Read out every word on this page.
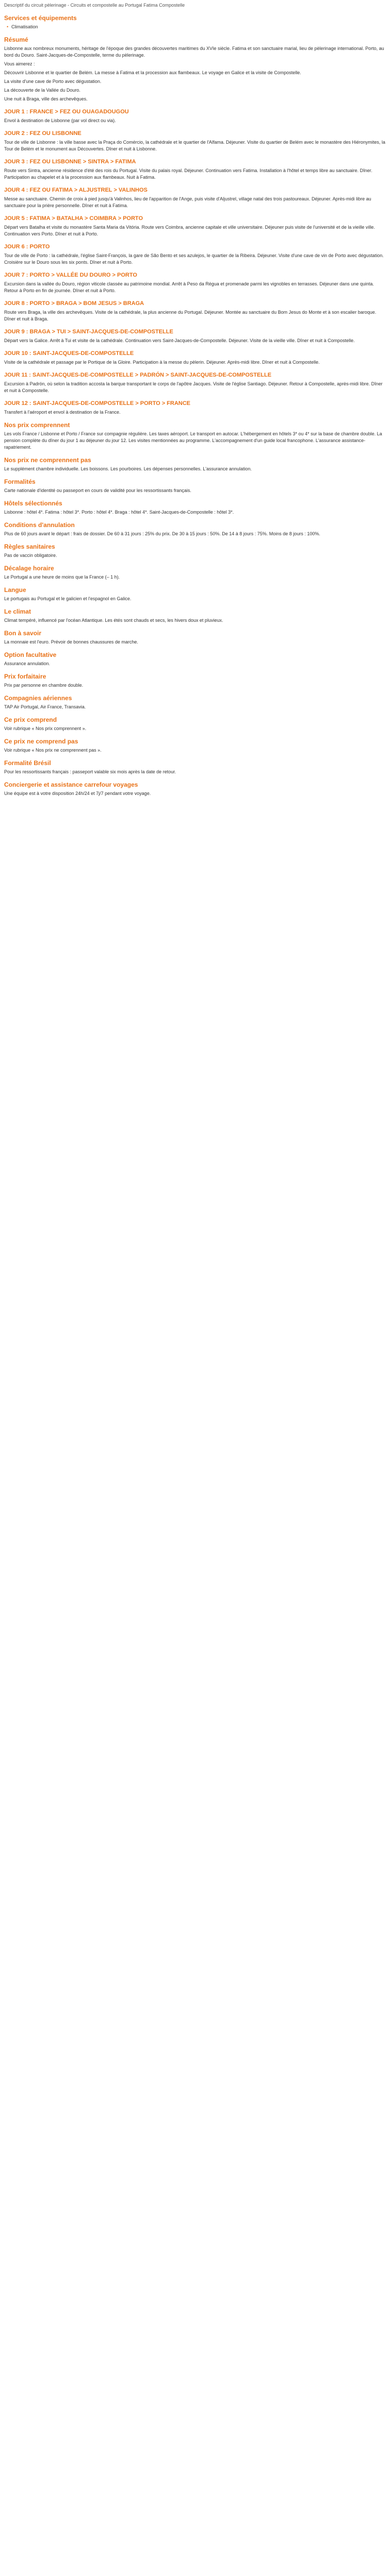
Descriptif du circuit pèlerinage - Circuits et compostelle au Portugal Fatima Compostelle
Services et équipements
• Climatisation
Résumé

Lisbonne aux nombreux monuments, héritage de l'époque des grandes découvertes maritimes du XVIe siècle. Fatima et son sanctuaire marial, lieu de pèlerinage international. Porto, au bord du Douro. Saint-Jacques-de-Compostelle, terme du pèlerinage.

Vous aimerez :

Découvrir Lisbonne et le quartier de Belém. La messe à Fatima et la procession aux flambeaux. Le voyage en Galice et la visite de Compostelle.

La visite d'une cave de Porto avec dégustation.

La découverte de la Vallée du Douro.

Une nuit à Braga, ville des archevêques.

JOUR 1 : FRANCE > FEZ OU OUAGADOUGOU

Envol à destination de Lisbonne (par vol direct ou via).

JOUR 2 : FEZ OU LISBONNE

Tour de ville de Lisbonne : la ville basse avec la Praça do Comércio, la cathédrale et le quartier de l'Alfama. Déjeuner. Visite du quartier de Belém avec le monastère des Hiéronymites, la Tour de Belém et le monument aux Découvertes. Dîner et nuit à Lisbonne.

JOUR 3 : FEZ OU LISBONNE > SINTRA > FATIMA

Route vers Sintra, ancienne résidence d'été des rois du Portugal. Visite du palais royal. Déjeuner. Continuation vers Fatima. Installation à l'hôtel et temps libre au sanctuaire. Dîner. Participation au chapelet et à la procession aux flambeaux. Nuit à Fatima.

JOUR 4 : FEZ OU FATIMA > ALJUSTREL > VALINHOS

Messe au sanctuaire. Chemin de croix à pied jusqu'à Valinhos, lieu de l'apparition de l'Ange, puis visite d'Aljustrel, village natal des trois pastoureaux. Déjeuner. Après-midi libre au sanctuaire pour la prière personnelle. Dîner et nuit à Fatima.

JOUR 5 : FATIMA > BATALHA > COIMBRA > PORTO

Départ vers Batalha et visite du monastère Santa Maria da Vitória. Route vers Coimbra, ancienne capitale et ville universitaire. Déjeuner puis visite de l'université et de la vieille ville. Continuation vers Porto. Dîner et nuit à Porto.

JOUR 6 : PORTO

Tour de ville de Porto : la cathédrale, l'église Saint-François, la gare de São Bento et ses azulejos, le quartier de la Ribeira. Déjeuner. Visite d'une cave de vin de Porto avec dégustation. Croisière sur le Douro sous les six ponts. Dîner et nuit à Porto.

JOUR 7 : PORTO > VALLÉE DU DOURO > PORTO

Excursion dans la vallée du Douro, région viticole classée au patrimoine mondial. Arrêt à Peso da Régua et promenade parmi les vignobles en terrasses. Déjeuner dans une quinta. Retour à Porto en fin de journée. Dîner et nuit à Porto.

JOUR 8 : PORTO > BRAGA > BOM JESUS > BRAGA

Route vers Braga, la ville des archevêques. Visite de la cathédrale, la plus ancienne du Portugal. Déjeuner. Montée au sanctuaire du Bom Jesus do Monte et à son escalier baroque. Dîner et nuit à Braga.

JOUR 9 : BRAGA > TUI > SAINT-JACQUES-DE-COMPOSTELLE

Départ vers la Galice. Arrêt à Tui et visite de la cathédrale. Continuation vers Saint-Jacques-de-Compostelle. Déjeuner. Visite de la vieille ville. Dîner et nuit à Compostelle.

JOUR 10 : SAINT-JACQUES-DE-COMPOSTELLE

Visite de la cathédrale et passage par le Portique de la Gloire. Participation à la messe du pèlerin. Déjeuner. Après-midi libre. Dîner et nuit à Compostelle.

JOUR 11 : SAINT-JACQUES-DE-COMPOSTELLE > PADRÓN > SAINT-JACQUES-DE-COMPOSTELLE

Excursion à Padrón, où selon la tradition accosta la barque transportant le corps de l'apôtre Jacques. Visite de l'église Santiago. Déjeuner. Retour à Compostelle, après-midi libre. Dîner et nuit à Compostelle.

JOUR 12 : SAINT-JACQUES-DE-COMPOSTELLE > PORTO > FRANCE

Transfert à l'aéroport et envol à destination de la France.

Nos prix comprennent

Les vols France / Lisbonne et Porto / France sur compagnie régulière. Les taxes aéroport. Le transport en autocar. L'hébergement en hôtels 3* ou 4* sur la base de chambre double. La pension complète du dîner du jour 1 au déjeuner du jour 12. Les visites mentionnées au programme. L'accompagnement d'un guide local francophone. L'assurance assistance-rapatriement.

Nos prix ne comprennent pas

Le supplément chambre individuelle. Les boissons. Les pourboires. Les dépenses personnelles. L'assurance annulation.

Formalités

Carte nationale d'identité ou passeport en cours de validité pour les ressortissants français.

Hôtels sélectionnés

Lisbonne : hôtel 4*. Fatima : hôtel 3*. Porto : hôtel 4*. Braga : hôtel 4*. Saint-Jacques-de-Compostelle : hôtel 3*.

Conditions d'annulation

Plus de 60 jours avant le départ : frais de dossier. De 60 à 31 jours : 25% du prix. De 30 à 15 jours : 50%. De 14 à 8 jours : 75%. Moins de 8 jours : 100%.

Règles sanitaires

Pas de vaccin obligatoire.

Décalage horaire

Le Portugal a une heure de moins que la France (– 1 h).

Langue

Le portugais au Portugal et le galicien et l'espagnol en Galice.

Le climat

Climat tempéré, influencé par l'océan Atlantique. Les étés sont chauds et secs, les hivers doux et pluvieux.

Bon à savoir

La monnaie est l'euro. Prévoir de bonnes chaussures de marche.

Option facultative

Assurance annulation.

Prix forfaitaire

Prix par personne en chambre double.

Compagnies aériennes

TAP Air Portugal, Air France, Transavia.

Ce prix comprend

Voir rubrique « Nos prix comprennent ».

Ce prix ne comprend pas

Voir rubrique « Nos prix ne comprennent pas ».

Formalité Brésil

Pour les ressortissants français : passeport valable six mois après la date de retour.

Conciergerie et assistance carrefour voyages

Une équipe est à votre disposition 24h/24 et 7j/7 pendant votre voyage.
